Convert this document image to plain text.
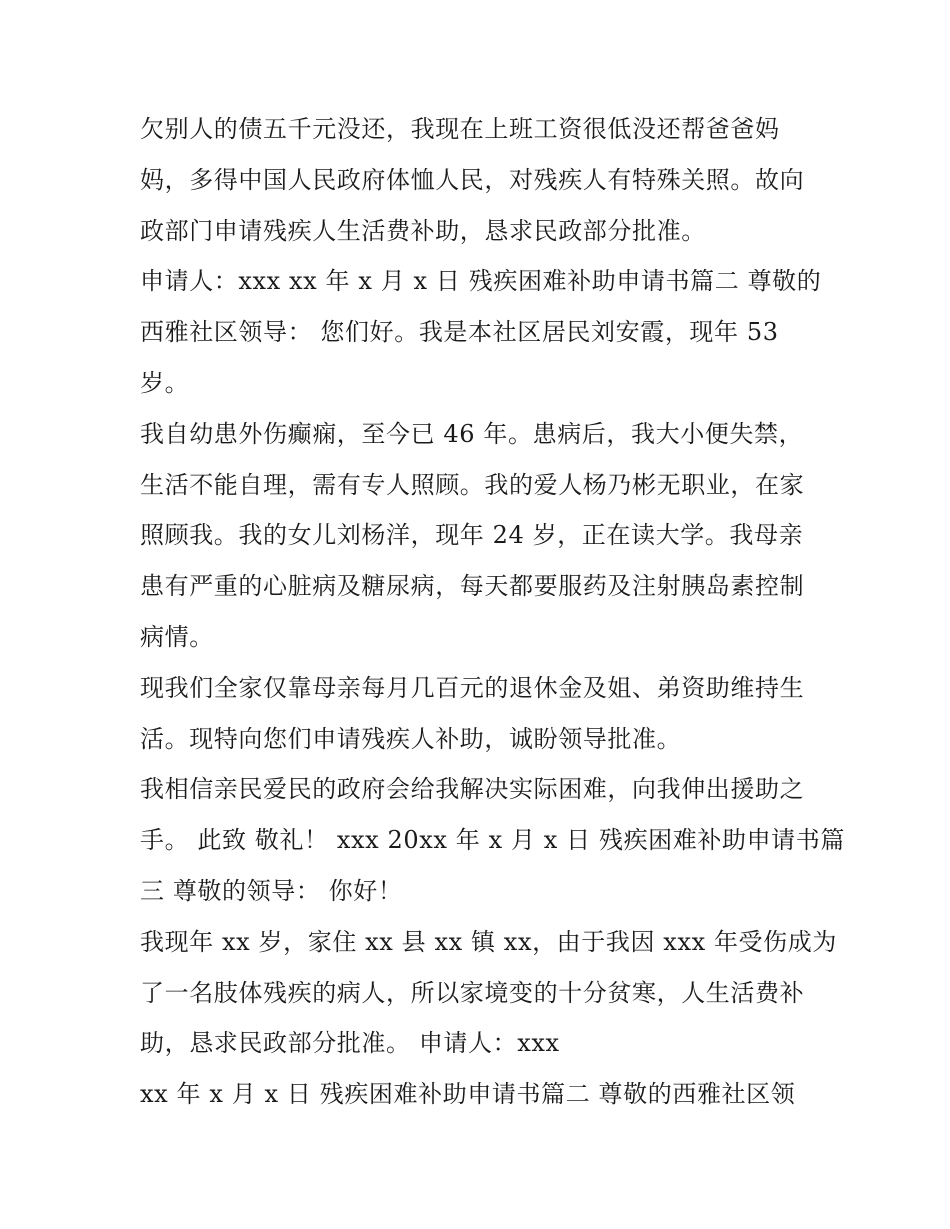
欠别人的债五千元没还，我现在上班工资很低没还帮爸爸妈
妈，多得中国人民政府体恤人民，对残疾人有特殊关照。故向
政部门申请残疾人生活费补助，恳求民政部分批准。
申请人：xxx xx 年 x 月 x 日 残疾困难补助申请书篇二 尊敬的
西雅社区领导： 您们好。我是本社区居民刘安霞，现年 53
岁。
我自幼患外伤癫痫，至今已 46 年。患病后，我大小便失禁，
生活不能自理，需有专人照顾。我的爱人杨乃彬无职业，在家
照顾我。我的女儿刘杨洋，现年 24 岁，正在读大学。我母亲
患有严重的心脏病及糖尿病，每天都要服药及注射胰岛素控制
病情。
现我们全家仅靠母亲每月几百元的退休金及姐、弟资助维持生
活。现特向您们申请残疾人补助，诚盼领导批准。
我相信亲民爱民的政府会给我解决实际困难，向我伸出援助之
手。 此致 敬礼！ xxx 20xx 年 x 月 x 日 残疾困难补助申请书篇
三 尊敬的领导： 你好！
我现年 xx 岁，家住 xx 县 xx 镇 xx，由于我因 xxx 年受伤成为
了一名肢体残疾的病人，所以家境变的十分贫寒，人生活费补
助，恳求民政部分批准。 申请人：xxx
xx 年 x 月 x 日 残疾困难补助申请书篇二 尊敬的西雅社区领
